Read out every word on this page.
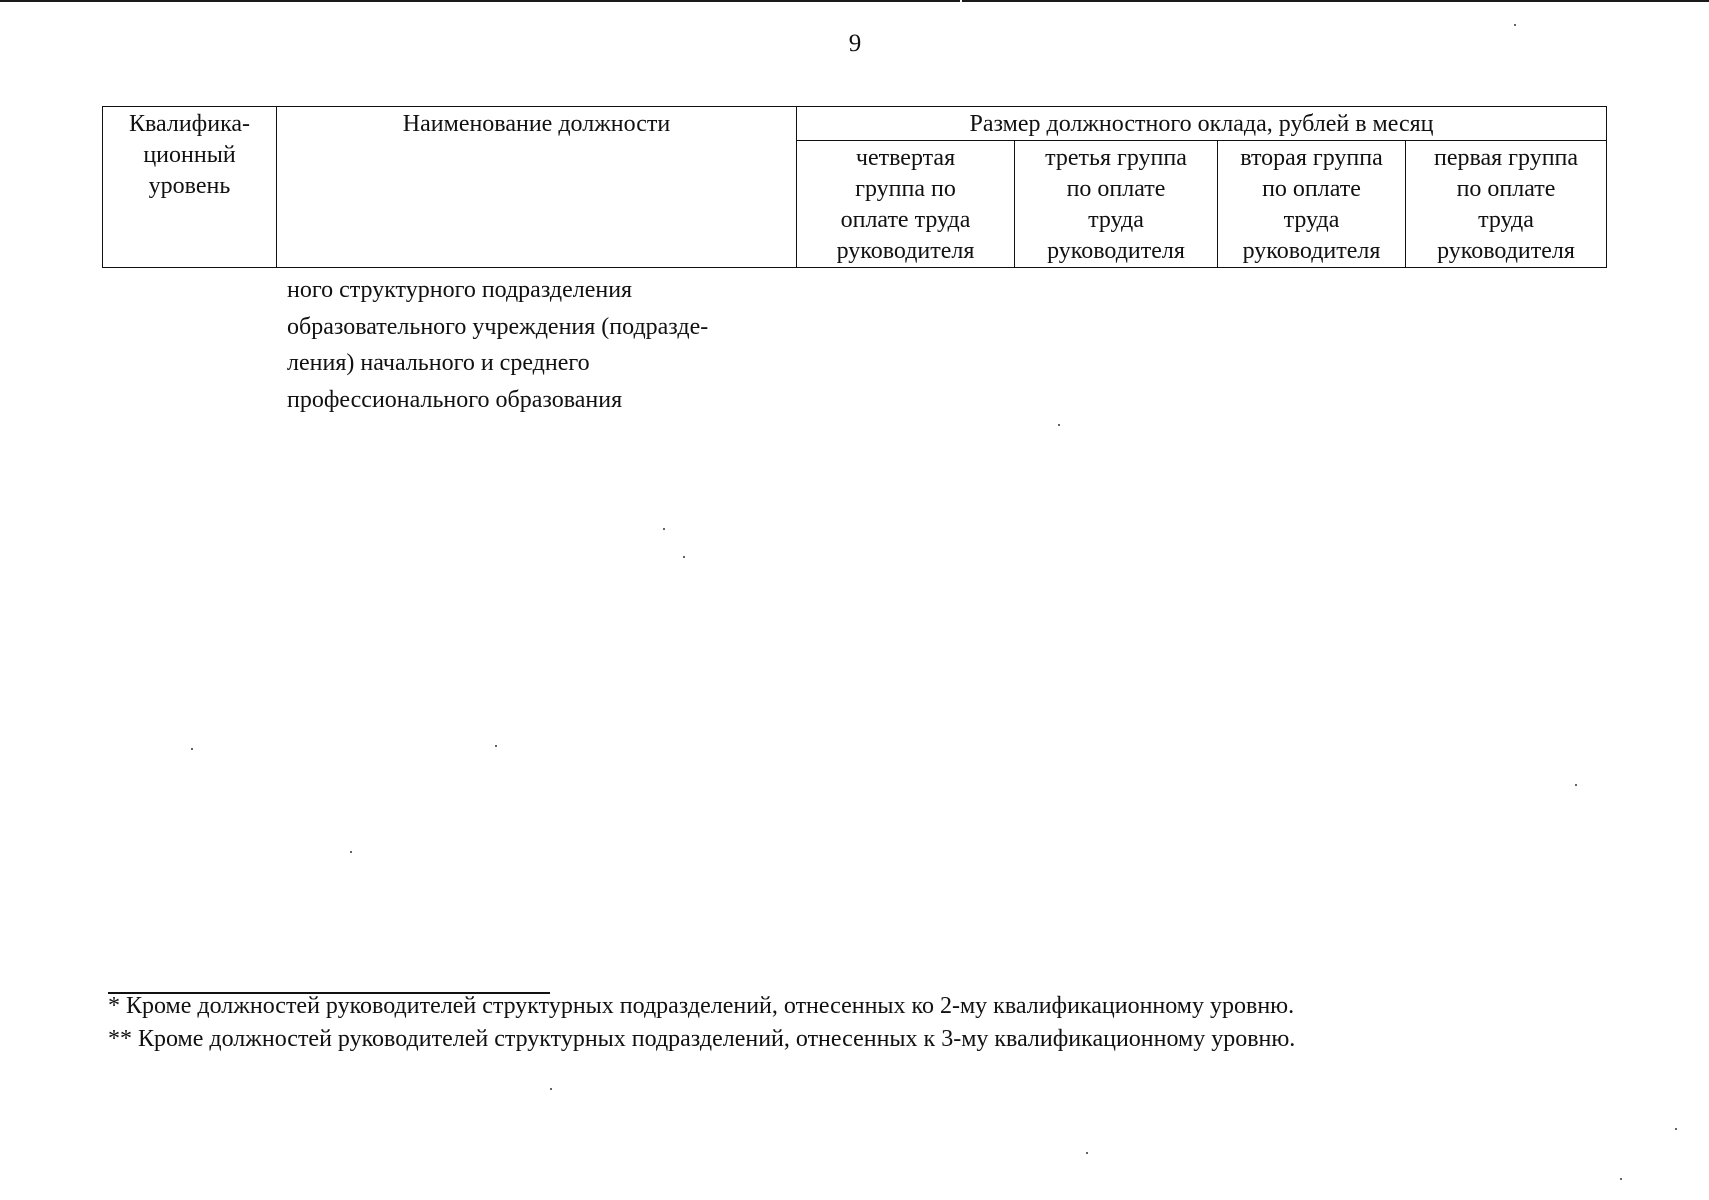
9
Квалифика-
ционный
уровень	Наименование должности	Размер должностного оклада, рублей в месяц			

		четвертая
группа по
оплате труда
руководителя	третья группа
по оплате
труда
руководителя	вторая группа
по оплате
труда
руководителя	первая группа
по оплате
труда
руководителя
ного структурного подразделения
образовательного учреждения (подразде-
ления) начального и среднего
профессионального образования
* Кроме должностей руководителей структурных подразделений, отнесенных ко 2-му квалификационному уровню.
** Кроме должностей руководителей структурных подразделений, отнесенных к 3-му квалификационному уровню.
